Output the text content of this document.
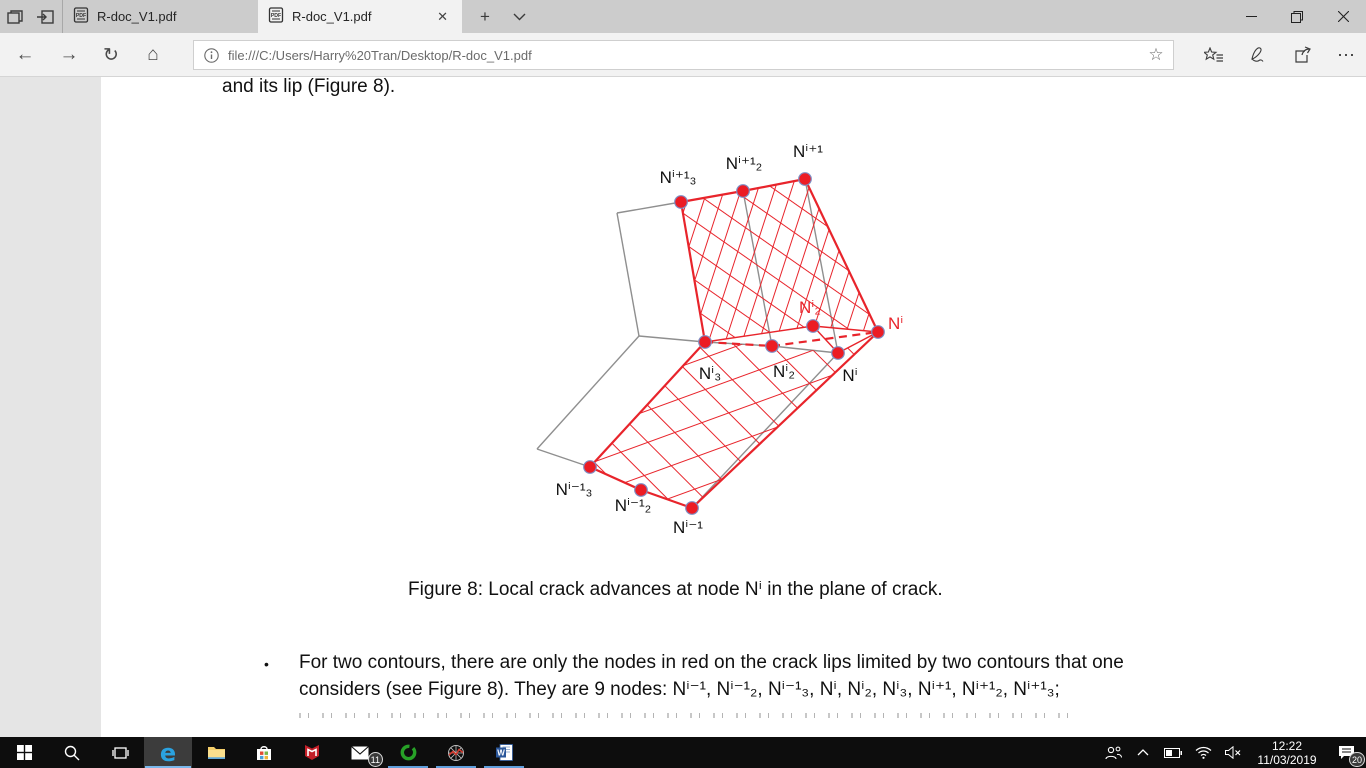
PDF R-doc_V1.pdf	PDF R-doc_V1.pdf	✕	+
←	→	↻	⌂	file:///C:/Users/Harry%20Tran/Desktop/R-doc_V1.pdf	☆	⋯
and its lip (Figure 8).
Nⁱ⁺¹₃
Nⁱ⁺¹₂
Nⁱ⁺¹
Nⁱ₃	Nⁱ₂	Nⁱ
Nⁱ₂
Nⁱ
Nⁱ⁻¹₃
Nⁱ⁻¹₂
Nⁱ⁻¹
Figure 8: Local crack advances at node Nⁱ in the plane of crack.
• For two contours, there are only the nodes in red on the crack lips limited by two contours that one
considers (see Figure 8). They are 9 nodes: Nⁱ⁻¹, Nⁱ⁻¹₂, Nⁱ⁻¹₃, Nⁱ, Nⁱ₂, Nⁱ₃, Nⁱ⁺¹, Nⁱ⁺¹₂, Nⁱ⁺¹₃;
e	11
W
12:22
11/03/2019	20
